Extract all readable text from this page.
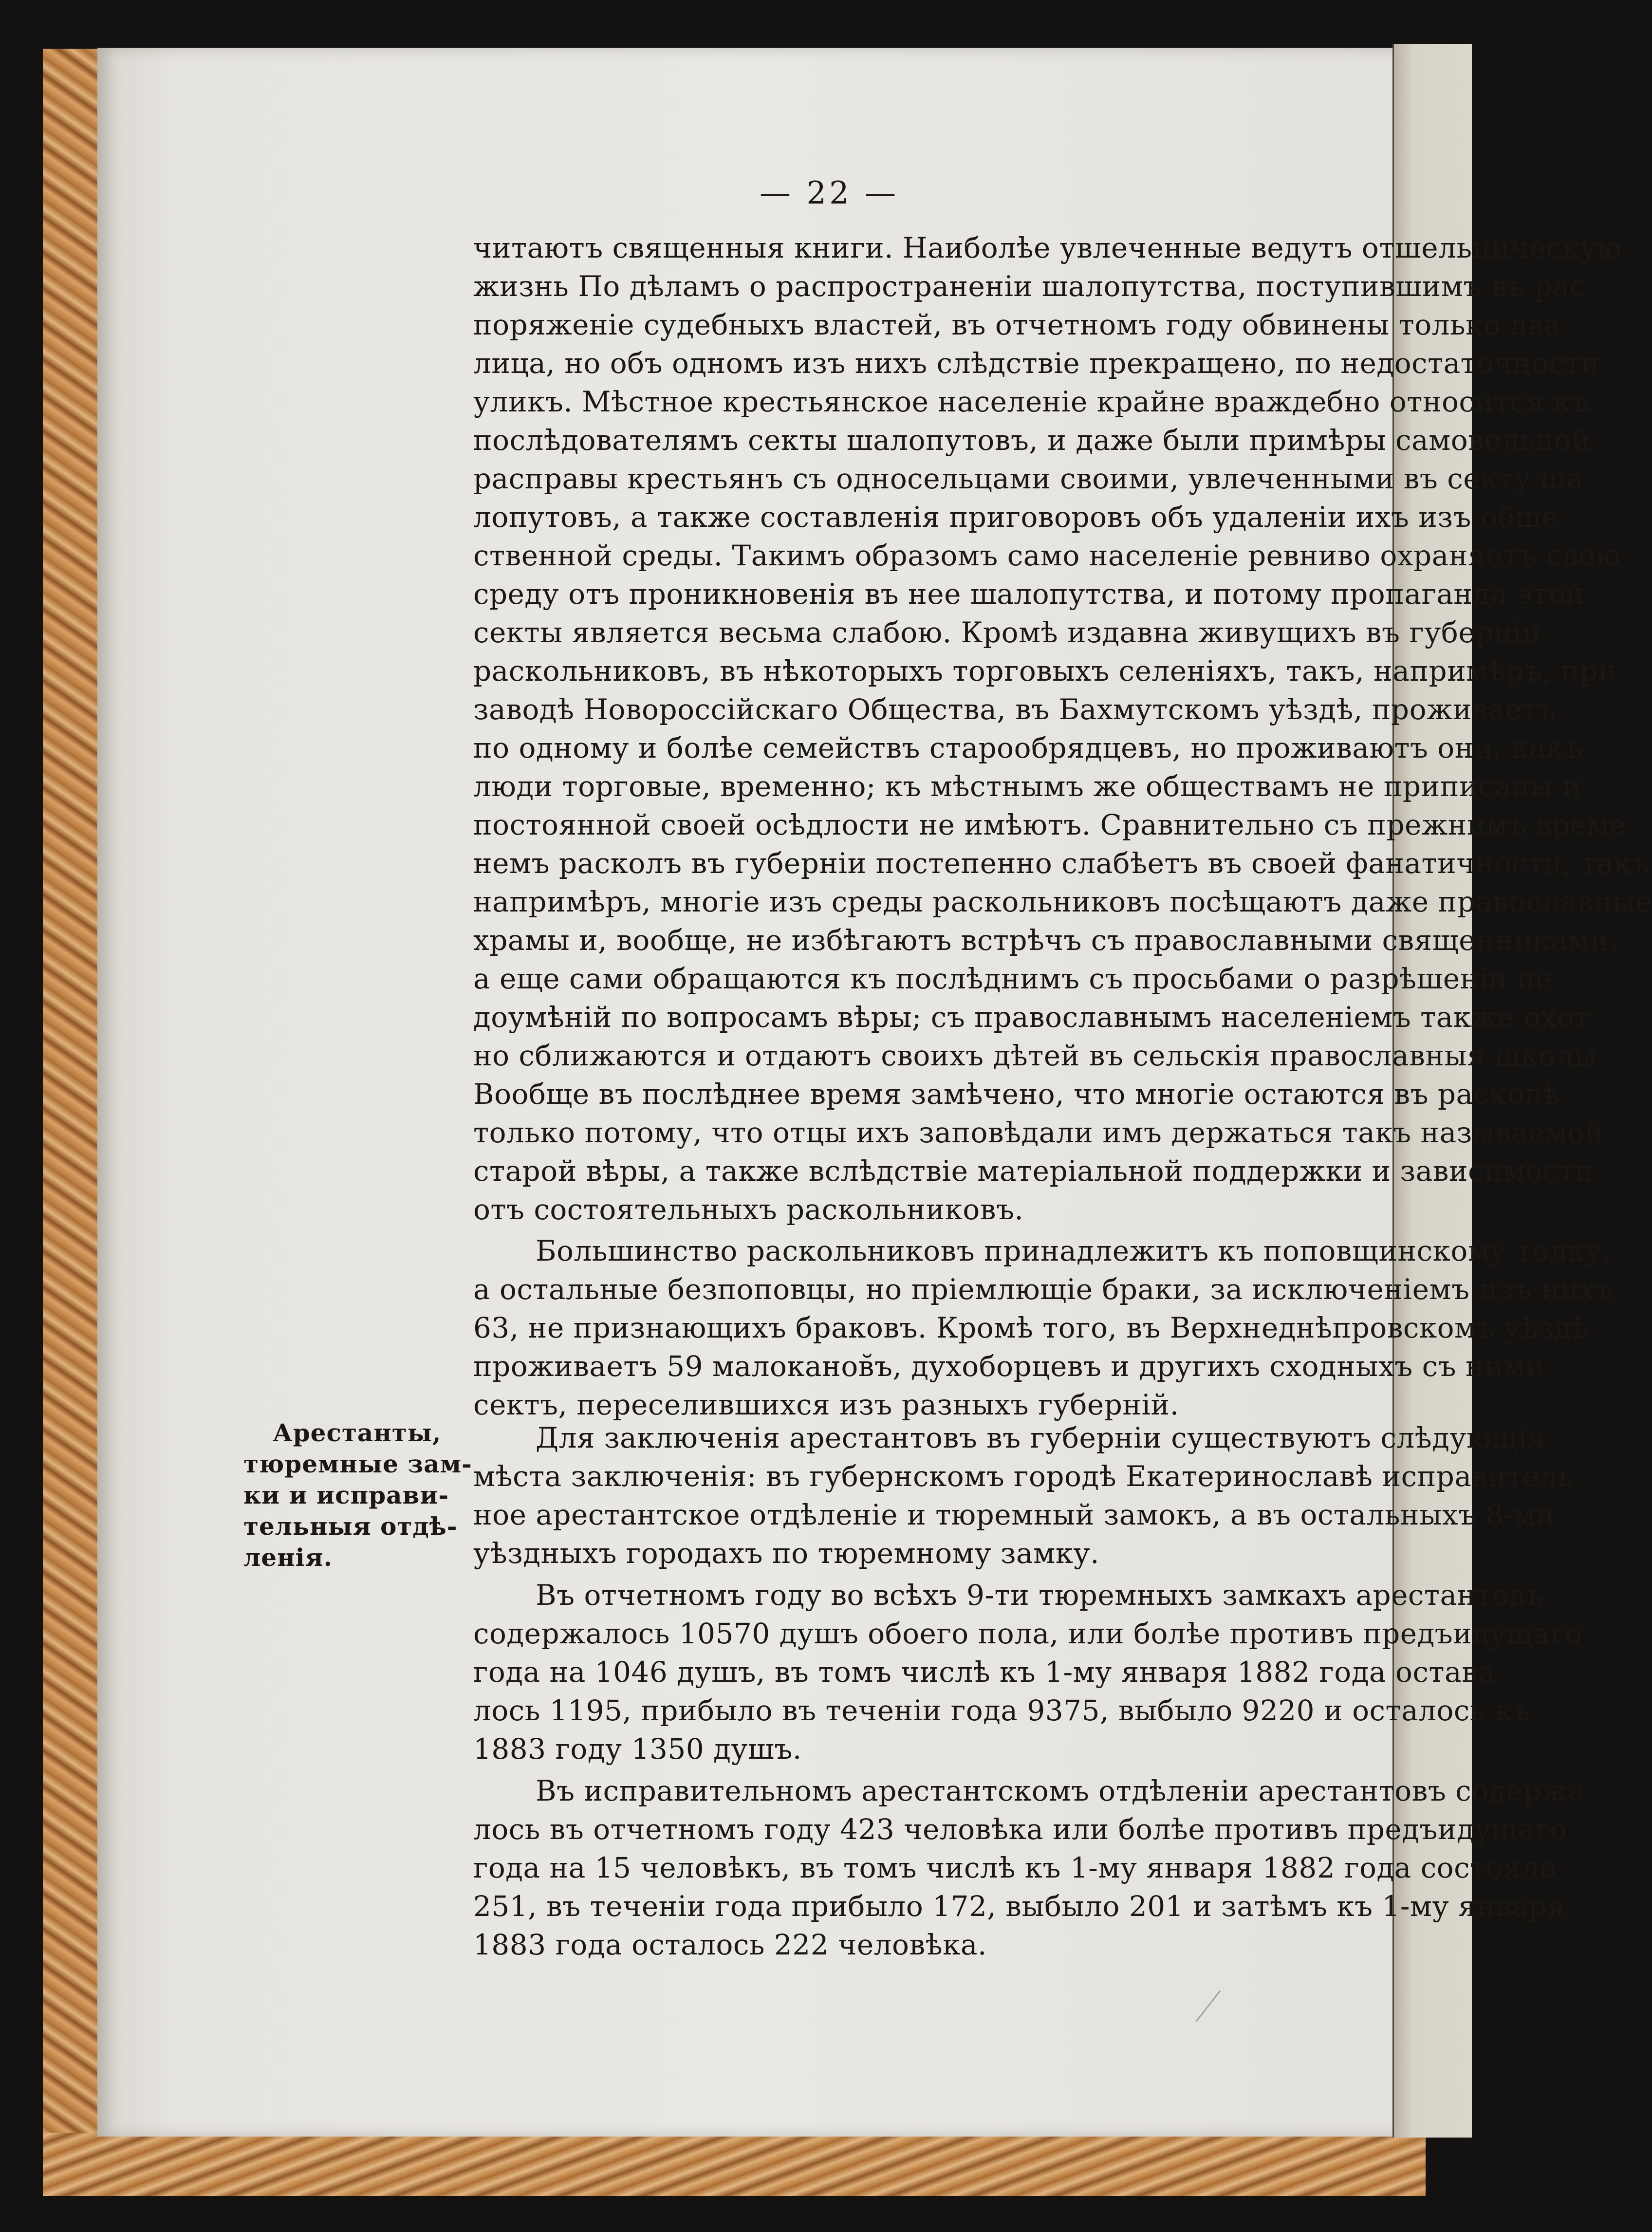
— 22 —
читаютъ священныя книги. Наиболѣе увлеченные ведутъ отшельническую
жизнь По дѣламъ о распространеніи шалопутства, поступившимъ въ рас
поряженіе судебныхъ властей, въ отчетномъ году обвинены только два
лица, но объ одномъ изъ нихъ слѣдствіе прекращено, по недостаточности
уликъ. Мѣстное крестьянское населеніе крайне враждебно относится къ
послѣдователямъ секты шалопутовъ, и даже были примѣры самовольной
расправы крестьянъ съ односельцами своими, увлеченными въ секту ша
лопутовъ, а также составленія приговоровъ объ удаленіи ихъ изъ обще
ственной среды. Такимъ образомъ само населеніе ревниво охраняетъ свою
среду отъ проникновенія въ нее шалопутства, и потому пропаганда этой
секты является весьма слабою. Кромѣ издавна живущихъ въ губерніи
раскольниковъ, въ нѣкоторыхъ торговыхъ селеніяхъ, такъ, напримѣръ, при
заводѣ Новороссійскаго Общества, въ Бахмутскомъ уѣздѣ, проживаетъ
по одному и болѣе семействъ старообрядцевъ, но проживаютъ они, какъ
люди торговые, временно; къ мѣстнымъ же обществамъ не приписаны и
постоянной своей осѣдлости не имѣютъ. Сравнительно съ прежнимъ време
немъ расколъ въ губерніи постепенно слабѣетъ въ своей фанатичности, такъ
напримѣръ, многіе изъ среды раскольниковъ посѣщаютъ даже православные
храмы и, вообще, не избѣгаютъ встрѣчъ съ православными священниками,
а еще сами обращаются къ послѣднимъ съ просьбами о разрѣшеніи не
доумѣній по вопросамъ вѣры; съ православнымъ населеніемъ также охот
но сближаются и отдаютъ своихъ дѣтей въ сельскія православныя школы.
Вообще въ послѣднее время замѣчено, что многіе остаются въ расколѣ
только потому, что отцы ихъ заповѣдали имъ держаться такъ называемой
старой вѣры, а также вслѣдствіе матеріальной поддержки и зависимости
отъ состоятельныхъ раскольниковъ.
Большинство раскольниковъ принадлежитъ къ поповщинскому толку,
а остальные безпоповцы, но пріемлющіе браки, за исключеніемъ изъ нихъ
63, не признающихъ браковъ. Кромѣ того, въ Верхнеднѣпровскомъ уѣздѣ
проживаетъ 59 малоканов̆ъ, духоборцевъ и другихъ сходныхъ съ ними
сектъ, переселившихся изъ разныхъ губерній.
Арестанты,
тюремные зам-
ки и исправи-
тельныя отдѣ-
ленія.
Для заключенія арестантовъ въ губерніи существуютъ слѣдующія
мѣста заключенія: въ губернскомъ городѣ Екатеринославѣ исправитель
ное арестантское отдѣленіе и тюремный замокъ, а въ остальныхъ 8-ми
уѣздныхъ городахъ по тюремному замку.
Въ отчетномъ году во всѣхъ 9-ти тюремныхъ замкахъ арестантовъ
содержалось 10570 душъ обоего пола, или болѣе противъ предъидущаго
года на 1046 душъ, въ томъ числѣ къ 1-му января 1882 года остава
лось 1195, прибыло въ теченіи года 9375, выбыло 9220 и осталось къ
1883 году 1350 душъ.
Въ исправительномъ арестантскомъ отдѣленіи арестантовъ содержа
лось въ отчетномъ году 423 человѣка или болѣе противъ предъидущаго
года на 15 человѣкъ, въ томъ числѣ къ 1-му января 1882 года состояло
251, въ теченіи года прибыло 172, выбыло 201 и затѣмъ къ 1-му января
1883 года осталось 222 человѣка.
